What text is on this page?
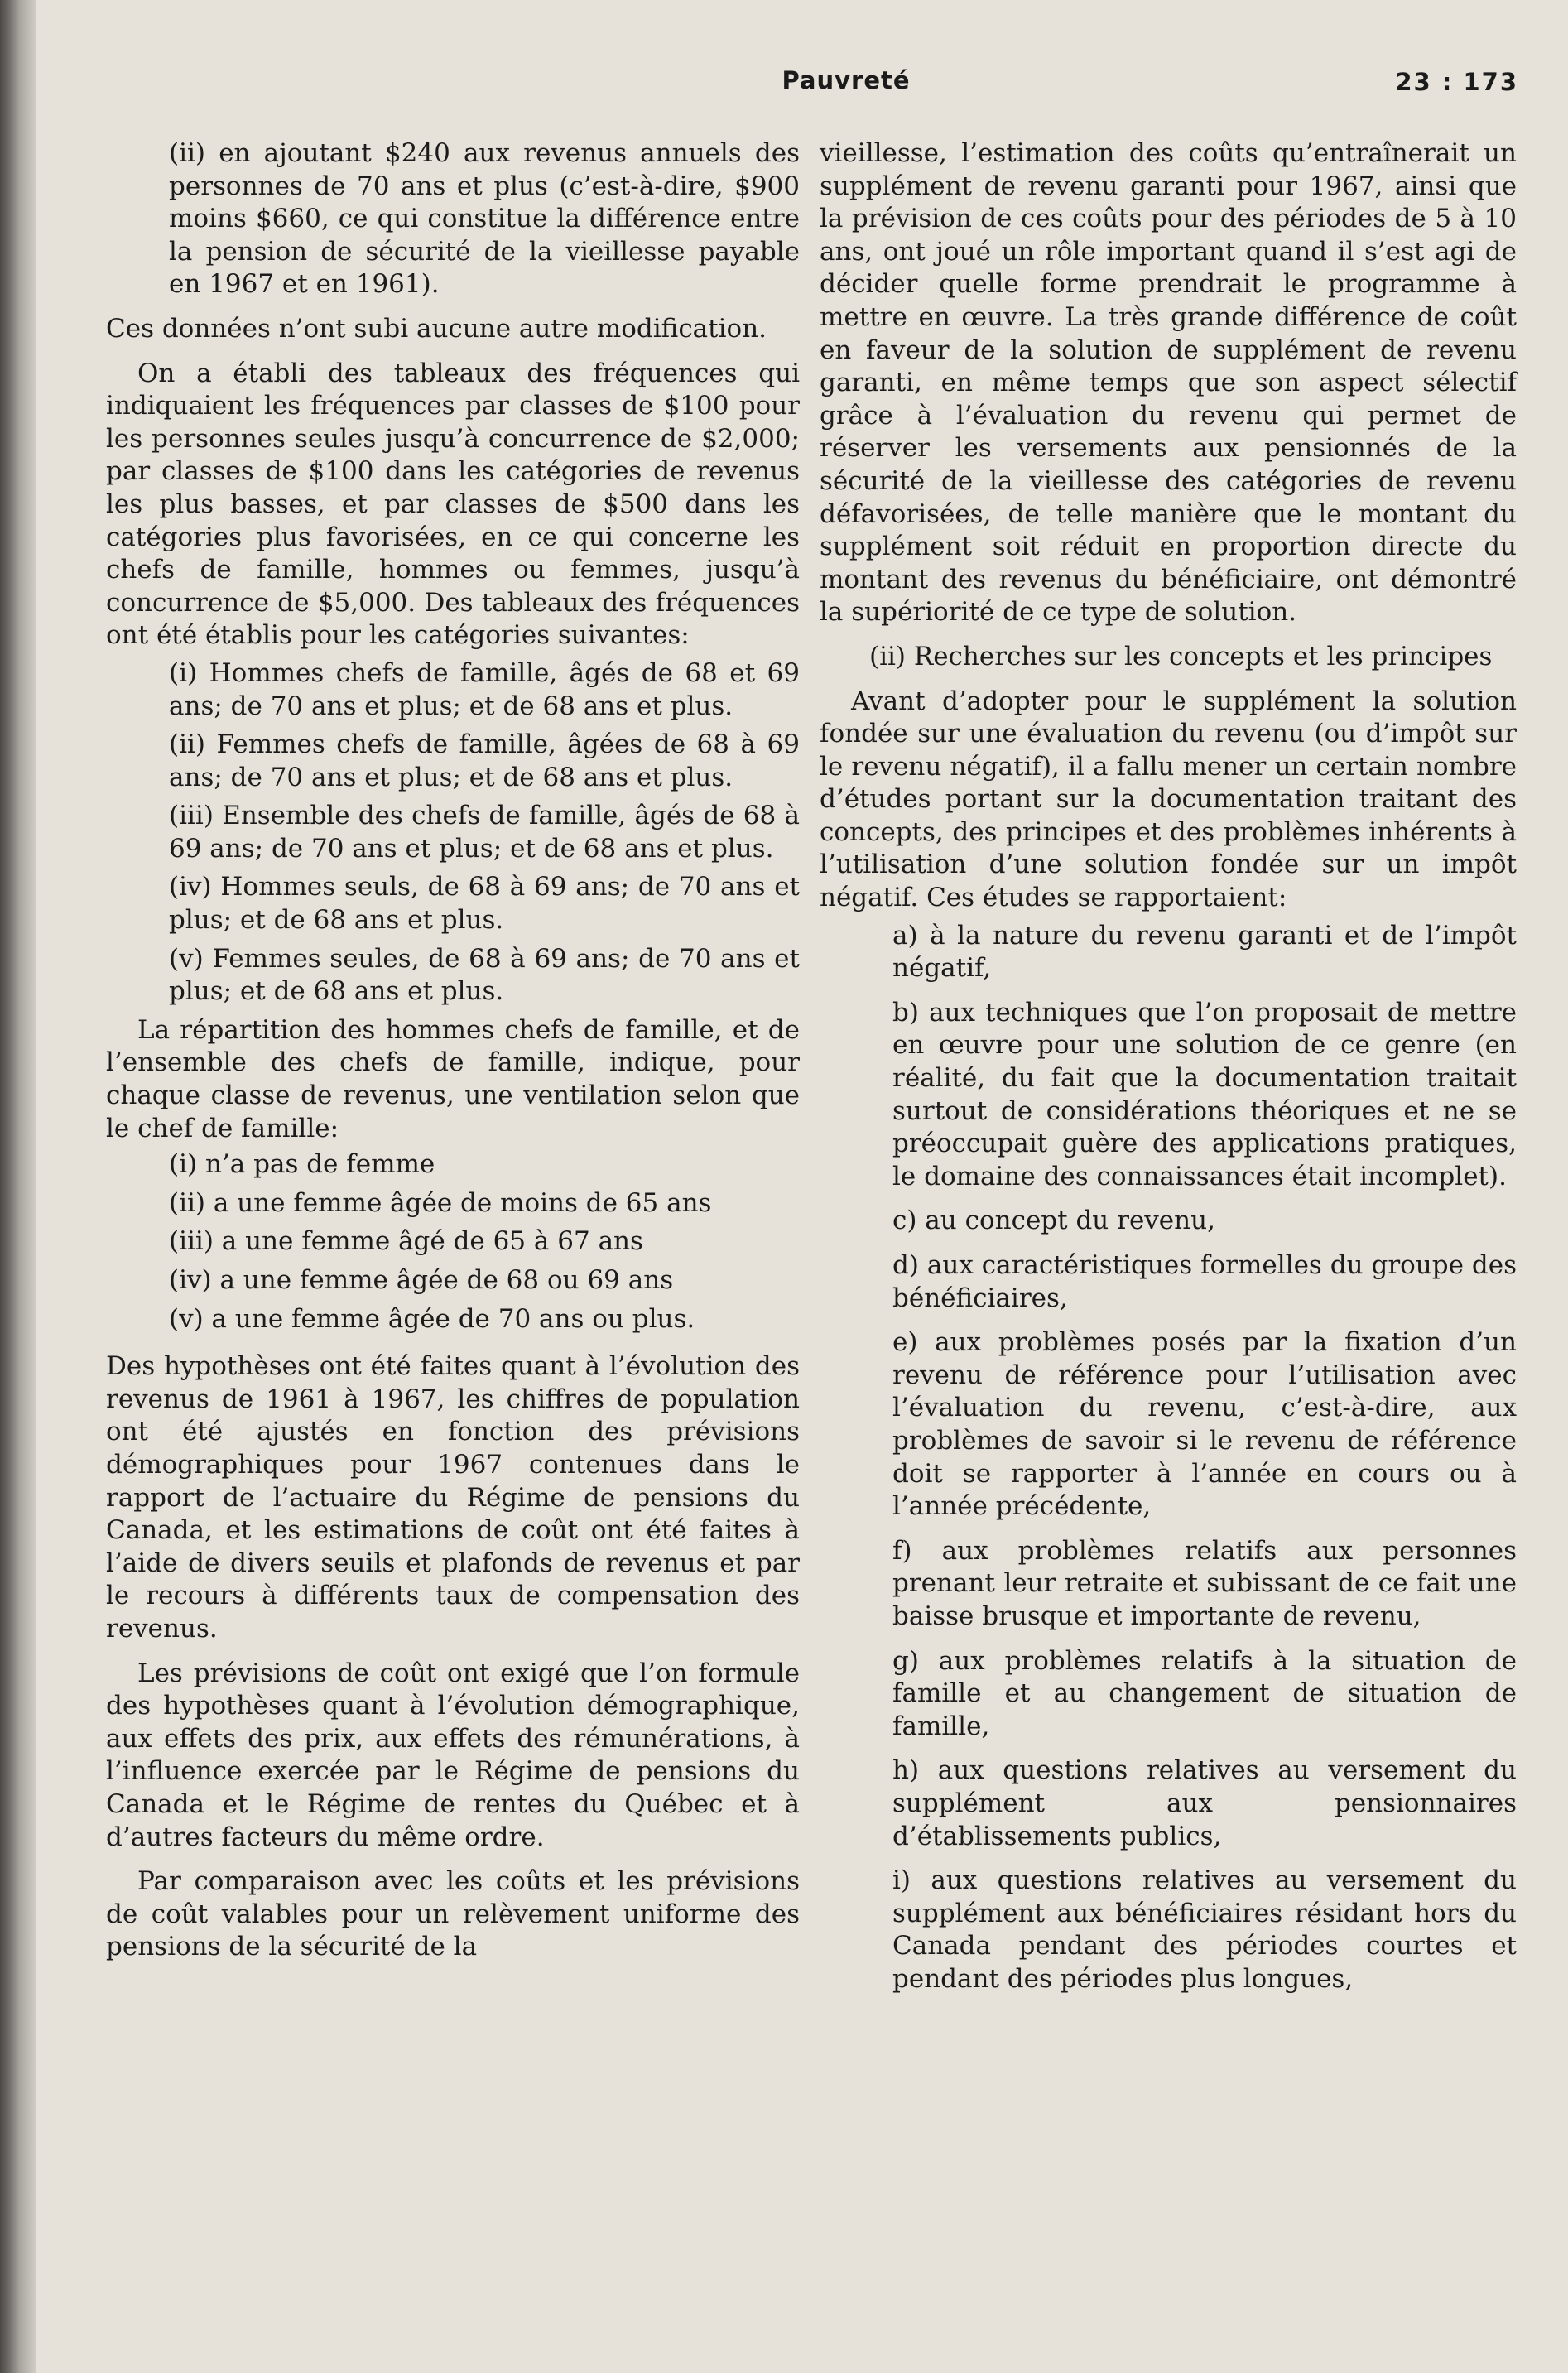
Pauvreté	23 : 173

(ii) en ajoutant $240 aux revenus annuels des personnes de 70 ans et plus (c’est-à-dire, $900 moins $660, ce qui constitue la différence entre la pension de sécurité de la vieillesse payable en 1967 et en 1961).

Ces données n’ont subi aucune autre modification.

On a établi des tableaux des fréquences qui indiquaient les fréquences par classes de $100 pour les personnes seules jusqu’à concurrence de $2,000; par classes de $100 dans les catégories de revenus les plus basses, et par classes de $500 dans les catégories plus favorisées, en ce qui concerne les chefs de famille, hommes ou femmes, jusqu’à concurrence de $5,000. Des tableaux des fréquences ont été établis pour les catégories suivantes:

(i) Hommes chefs de famille, âgés de 68 et 69 ans; de 70 ans et plus; et de 68 ans et plus.

(ii) Femmes chefs de famille, âgées de 68 à 69 ans; de 70 ans et plus; et de 68 ans et plus.

(iii) Ensemble des chefs de famille, âgés de 68 à 69 ans; de 70 ans et plus; et de 68 ans et plus.

(iv) Hommes seuls, de 68 à 69 ans; de 70 ans et plus; et de 68 ans et plus.

(v) Femmes seules, de 68 à 69 ans; de 70 ans et plus; et de 68 ans et plus.

La répartition des hommes chefs de famille, et de l’ensemble des chefs de famille, indique, pour chaque classe de revenus, une ventilation selon que le chef de famille:

(i) n’a pas de femme

(ii) a une femme âgée de moins de 65 ans

(iii) a une femme âgé de 65 à 67 ans

(iv) a une femme âgée de 68 ou 69 ans

(v) a une femme âgée de 70 ans ou plus.

Des hypothèses ont été faites quant à l’évolution des revenus de 1961 à 1967, les chiffres de population ont été ajustés en fonction des prévisions démographiques pour 1967 contenues dans le rapport de l’actuaire du Régime de pensions du Canada, et les estimations de coût ont été faites à l’aide de divers seuils et plafonds de revenus et par le recours à différents taux de compensation des revenus.

Les prévisions de coût ont exigé que l’on formule des hypothèses quant à l’évolution démographique, aux effets des prix, aux effets des rémunérations, à l’influence exercée par le Régime de pensions du Canada et le Régime de rentes du Québec et à d’autres facteurs du même ordre.

Par comparaison avec les coûts et les prévisions de coût valables pour un relèvement uniforme des pensions de la sécurité de la

vieillesse, l’estimation des coûts qu’entraînerait un supplément de revenu garanti pour 1967, ainsi que la prévision de ces coûts pour des périodes de 5 à 10 ans, ont joué un rôle important quand il s’est agi de décider quelle forme prendrait le programme à mettre en œuvre. La très grande différence de coût en faveur de la solution de supplément de revenu garanti, en même temps que son aspect sélectif grâce à l’évaluation du revenu qui permet de réserver les versements aux pensionnés de la sécurité de la vieillesse des catégories de revenu défavorisées, de telle manière que le montant du supplément soit réduit en proportion directe du montant des revenus du bénéficiaire, ont démontré la supériorité de ce type de solution.

(ii) Recherches sur les concepts et les principes

Avant d’adopter pour le supplément la solution fondée sur une évaluation du revenu (ou d’impôt sur le revenu négatif), il a fallu mener un certain nombre d’études portant sur la documentation traitant des concepts, des principes et des problèmes inhérents à l’utilisation d’une solution fondée sur un impôt négatif. Ces études se rapportaient:

a) à la nature du revenu garanti et de l’impôt négatif,

b) aux techniques que l’on proposait de mettre en œuvre pour une solution de ce genre (en réalité, du fait que la documentation traitait surtout de considérations théoriques et ne se préoccupait guère des applications pratiques, le domaine des connaissances était incomplet).

c) au concept du revenu,

d) aux caractéristiques formelles du groupe des bénéficiaires,

e) aux problèmes posés par la fixation d’un revenu de référence pour l’utilisation avec l’évaluation du revenu, c’est-à-dire, aux problèmes de savoir si le revenu de référence doit se rapporter à l’année en cours ou à l’année précédente,

f) aux problèmes relatifs aux personnes prenant leur retraite et subissant de ce fait une baisse brusque et importante de revenu,

g) aux problèmes relatifs à la situation de famille et au changement de situation de famille,

h) aux questions relatives au versement du supplément aux pensionnaires d’établissements publics,

i) aux questions relatives au versement du supplément aux bénéficiaires résidant hors du Canada pendant des périodes courtes et pendant des périodes plus longues,
